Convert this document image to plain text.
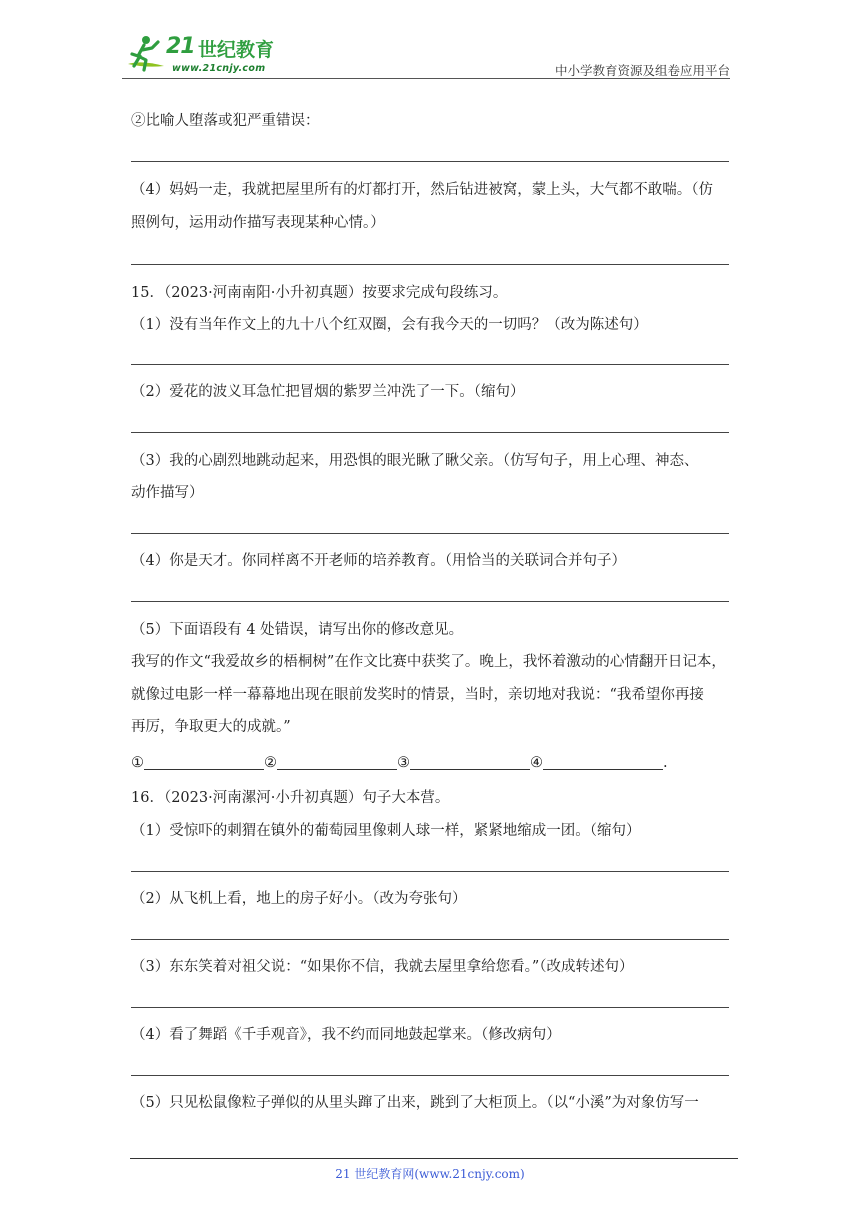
21 世纪教育
www.21cnjy.com	中小学教育资源及组卷应用平台
②比喻人堕落或犯严重错误：
（4）妈妈一走，我就把屋里所有的灯都打开，然后钻进被窝，蒙上头，大气都不敢喘。（仿
照例句，运用动作描写表现某种心情。）
15．（2023·河南南阳·小升初真题）按要求完成句段练习。
（1）没有当年作文上的九十八个红双圈，会有我今天的一切吗？（改为陈述句）
（2）爱花的波义耳急忙把冒烟的紫罗兰冲洗了一下。（缩句）
（3）我的心剧烈地跳动起来，用恐惧的眼光瞅了瞅父亲。（仿写句子，用上心理、神态、
动作描写）
（4）你是天才。你同样离不开老师的培养教育。（用恰当的关联词合并句子）
（5）下面语段有 4 处错误，请写出你的修改意见。
我写的作文“我爱故乡的梧桐树”在作文比赛中获奖了。晚上，我怀着激动的心情翻开日记本，
就像过电影一样一幕幕地出现在眼前发奖时的情景，当时，亲切地对我说：“我希望你再接
再厉，争取更大的成就。”
①	②	③	④	.
16．（2023·河南漯河·小升初真题）句子大本营。
（1）受惊吓的刺猬在镇外的葡萄园里像刺人球一样，紧紧地缩成一团。（缩句）
（2）从飞机上看，地上的房子好小。（改为夸张句）
（3）东东笑着对祖父说：“如果你不信，我就去屋里拿给您看。”（改成转述句）
（4）看了舞蹈《千手观音》，我不约而同地鼓起掌来。（修改病句）
（5）只见松鼠像粒子弹似的从里头蹿了出来，跳到了大柜顶上。（以“小溪”为对象仿写一
21 世纪教育网(www.21cnjy.com)
